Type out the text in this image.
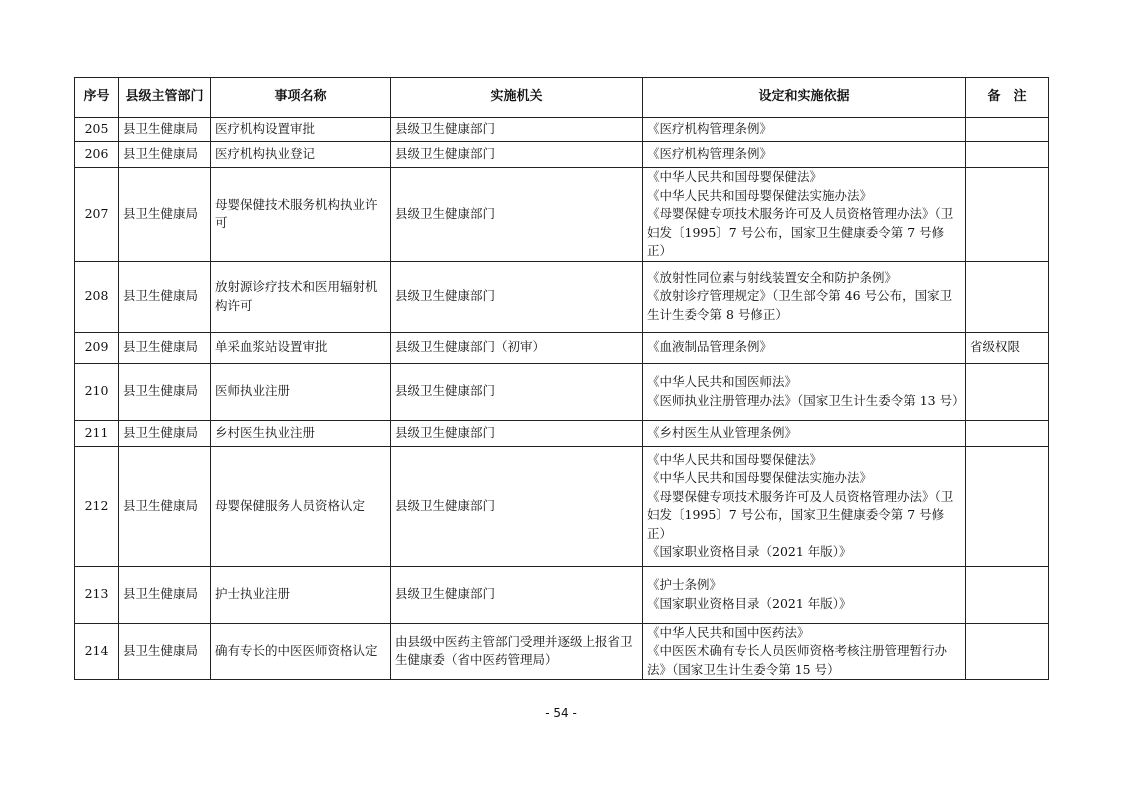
序号	县级主管部门	事项名称	实施机关	设定和实施依据	备　注
205	县卫生健康局	医疗机构设置审批	县级卫生健康部门	《医疗机构管理条例》	

206	县卫生健康局	医疗机构执业登记	县级卫生健康部门	《医疗机构管理条例》	

207	县卫生健康局	母婴保健技术服务机构执业许可	县级卫生健康部门	《中华人民共和国母婴保健法》
《中华人民共和国母婴保健法实施办法》
《母婴保健专项技术服务许可及人员资格管理办法》（卫妇发〔1995〕7 号公布，国家卫生健康委令第 7 号修正）	

208	县卫生健康局	放射源诊疗技术和医用辐射机构许可	县级卫生健康部门	《放射性同位素与射线装置安全和防护条例》
《放射诊疗管理规定》（卫生部令第 46 号公布，国家卫生计生委令第 8 号修正）	

209	县卫生健康局	单采血浆站设置审批	县级卫生健康部门（初审）	《血液制品管理条例》	省级权限
210	县卫生健康局	医师执业注册	县级卫生健康部门	《中华人民共和国医师法》
《医师执业注册管理办法》（国家卫生计生委令第 13 号）	

211	县卫生健康局	乡村医生执业注册	县级卫生健康部门	《乡村医生从业管理条例》	

212	县卫生健康局	母婴保健服务人员资格认定	县级卫生健康部门	《中华人民共和国母婴保健法》
《中华人民共和国母婴保健法实施办法》
《母婴保健专项技术服务许可及人员资格管理办法》（卫妇发〔1995〕7 号公布，国家卫生健康委令第 7 号修正）
《国家职业资格目录（2021 年版）》	

213	县卫生健康局	护士执业注册	县级卫生健康部门	《护士条例》
《国家职业资格目录（2021 年版）》	

214	县卫生健康局	确有专长的中医医师资格认定	由县级中医药主管部门受理并逐级上报省卫生健康委（省中医药管理局）	《中华人民共和国中医药法》
《中医医术确有专长人员医师资格考核注册管理暂行办法》（国家卫生计生委令第 15 号）	

- 54 -
